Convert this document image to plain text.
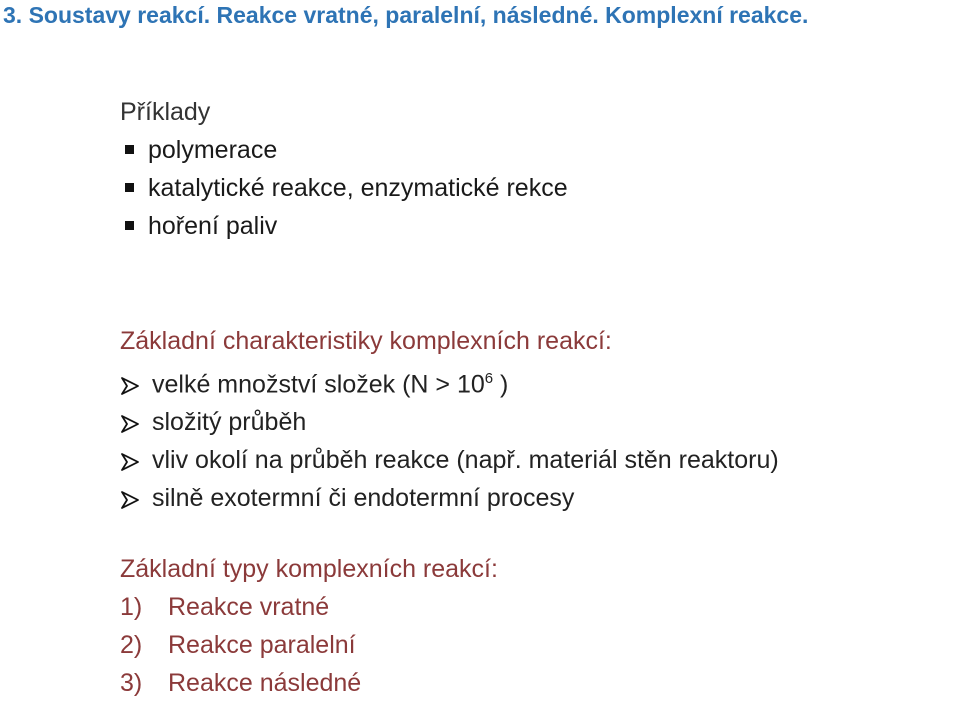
3. Soustavy reakcí. Reakce vratné, paralelní, následné. Komplexní reakce.
Příklady
polymerace
katalytické reakce, enzymatické rekce
hoření paliv
Základní charakteristiky komplexních reakcí:
velké množství složek ($N > 10^6$ )
složitý průběh
vliv okolí na průběh reakce (např. materiál stěn reaktoru)
silně exotermní či endotermní procesy
Základní typy komplexních reakcí:
1) Reakce vratné
2) Reakce paralelní
3) Reakce následné
